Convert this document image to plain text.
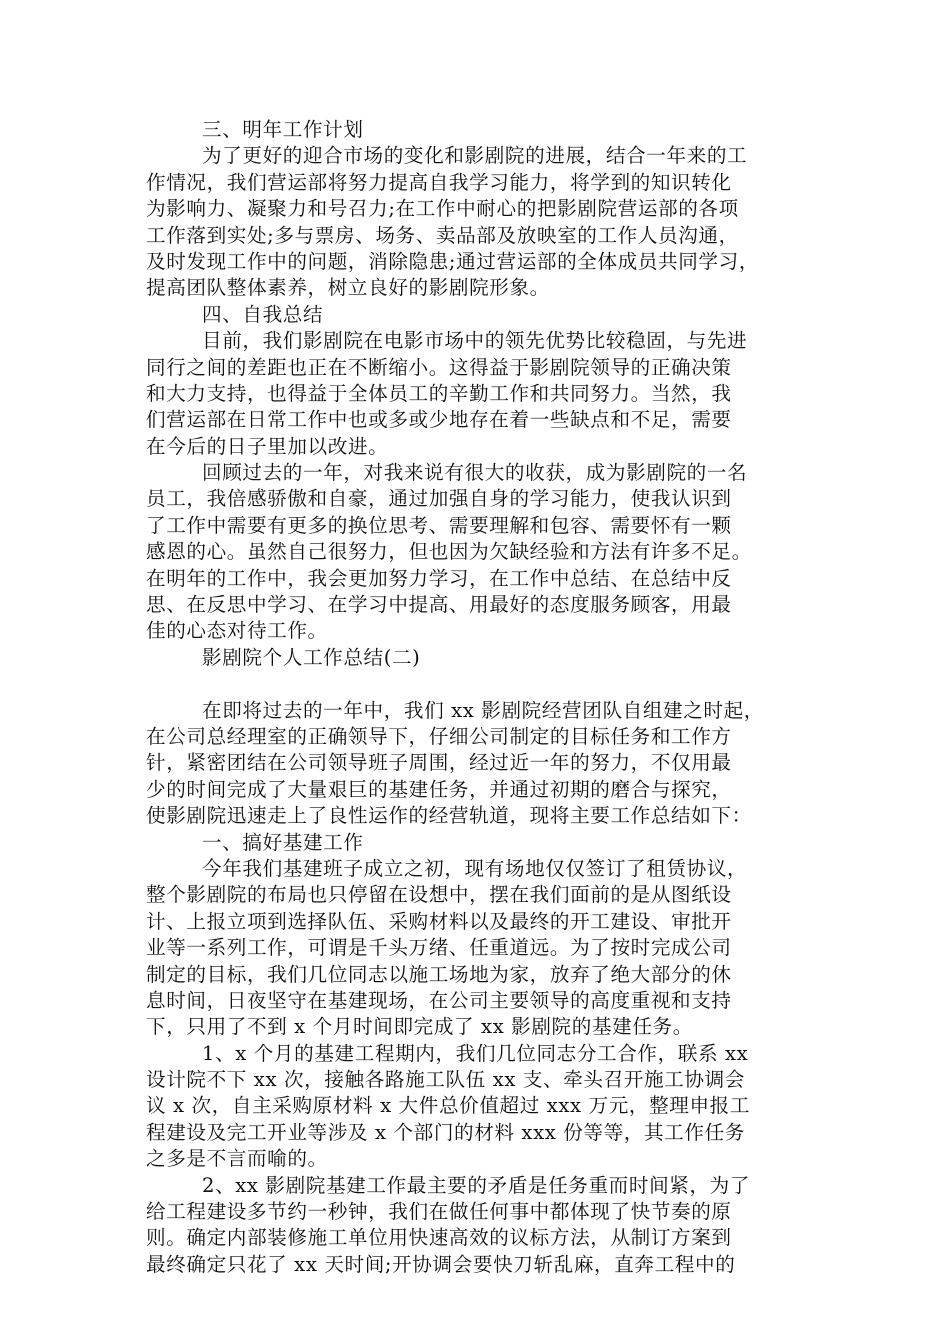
三、明年工作计划
为了更好的迎合市场的变化和影剧院的进展，结合一年来的工
作情况，我们营运部将努力提高自我学习能力，将学到的知识转化
为影响力、凝聚力和号召力;在工作中耐心的把影剧院营运部的各项
工作落到实处;多与票房、场务、卖品部及放映室的工作人员沟通，
及时发现工作中的问题，消除隐患;通过营运部的全体成员共同学习，
提高团队整体素养，树立良好的影剧院形象。
四、自我总结
目前，我们影剧院在电影市场中的领先优势比较稳固，与先进
同行之间的差距也正在不断缩小。这得益于影剧院领导的正确决策
和大力支持，也得益于全体员工的辛勤工作和共同努力。当然，我
们营运部在日常工作中也或多或少地存在着一些缺点和不足，需要
在今后的日子里加以改进。
回顾过去的一年，对我来说有很大的收获，成为影剧院的一名
员工，我倍感骄傲和自豪，通过加强自身的学习能力，使我认识到
了工作中需要有更多的换位思考、需要理解和包容、需要怀有一颗
感恩的心。虽然自己很努力，但也因为欠缺经验和方法有许多不足。
在明年的工作中，我会更加努力学习，在工作中总结、在总结中反
思、在反思中学习、在学习中提高、用最好的态度服务顾客，用最
佳的心态对待工作。
影剧院个人工作总结(二)
在即将过去的一年中，我们 xx 影剧院经营团队自组建之时起，
在公司总经理室的正确领导下，仔细公司制定的目标任务和工作方
针，紧密团结在公司领导班子周围，经过近一年的努力，不仅用最
少的时间完成了大量艰巨的基建任务，并通过初期的磨合与探究，
使影剧院迅速走上了良性运作的经营轨道，现将主要工作总结如下：
一、搞好基建工作
今年我们基建班子成立之初，现有场地仅仅签订了租赁协议，
整个影剧院的布局也只停留在设想中，摆在我们面前的是从图纸设
计、上报立项到选择队伍、采购材料以及最终的开工建设、审批开
业等一系列工作，可谓是千头万绪、任重道远。为了按时完成公司
制定的目标，我们几位同志以施工场地为家，放弃了绝大部分的休
息时间，日夜坚守在基建现场，在公司主要领导的高度重视和支持
下，只用了不到 x 个月时间即完成了 xx 影剧院的基建任务。
1、x 个月的基建工程期内，我们几位同志分工合作，联系 xx
设计院不下 xx 次，接触各路施工队伍 xx 支、牵头召开施工协调会
议 x 次，自主采购原材料 x 大件总价值超过 xxx 万元，整理申报工
程建设及完工开业等涉及 x 个部门的材料 xxx 份等等，其工作任务
之多是不言而喻的。
2、xx 影剧院基建工作最主要的矛盾是任务重而时间紧，为了
给工程建设多节约一秒钟，我们在做任何事中都体现了快节奏的原
则。确定内部装修施工单位用快速高效的议标方法，从制订方案到
最终确定只花了 xx 天时间;开协调会要快刀斩乱麻，直奔工程中的
